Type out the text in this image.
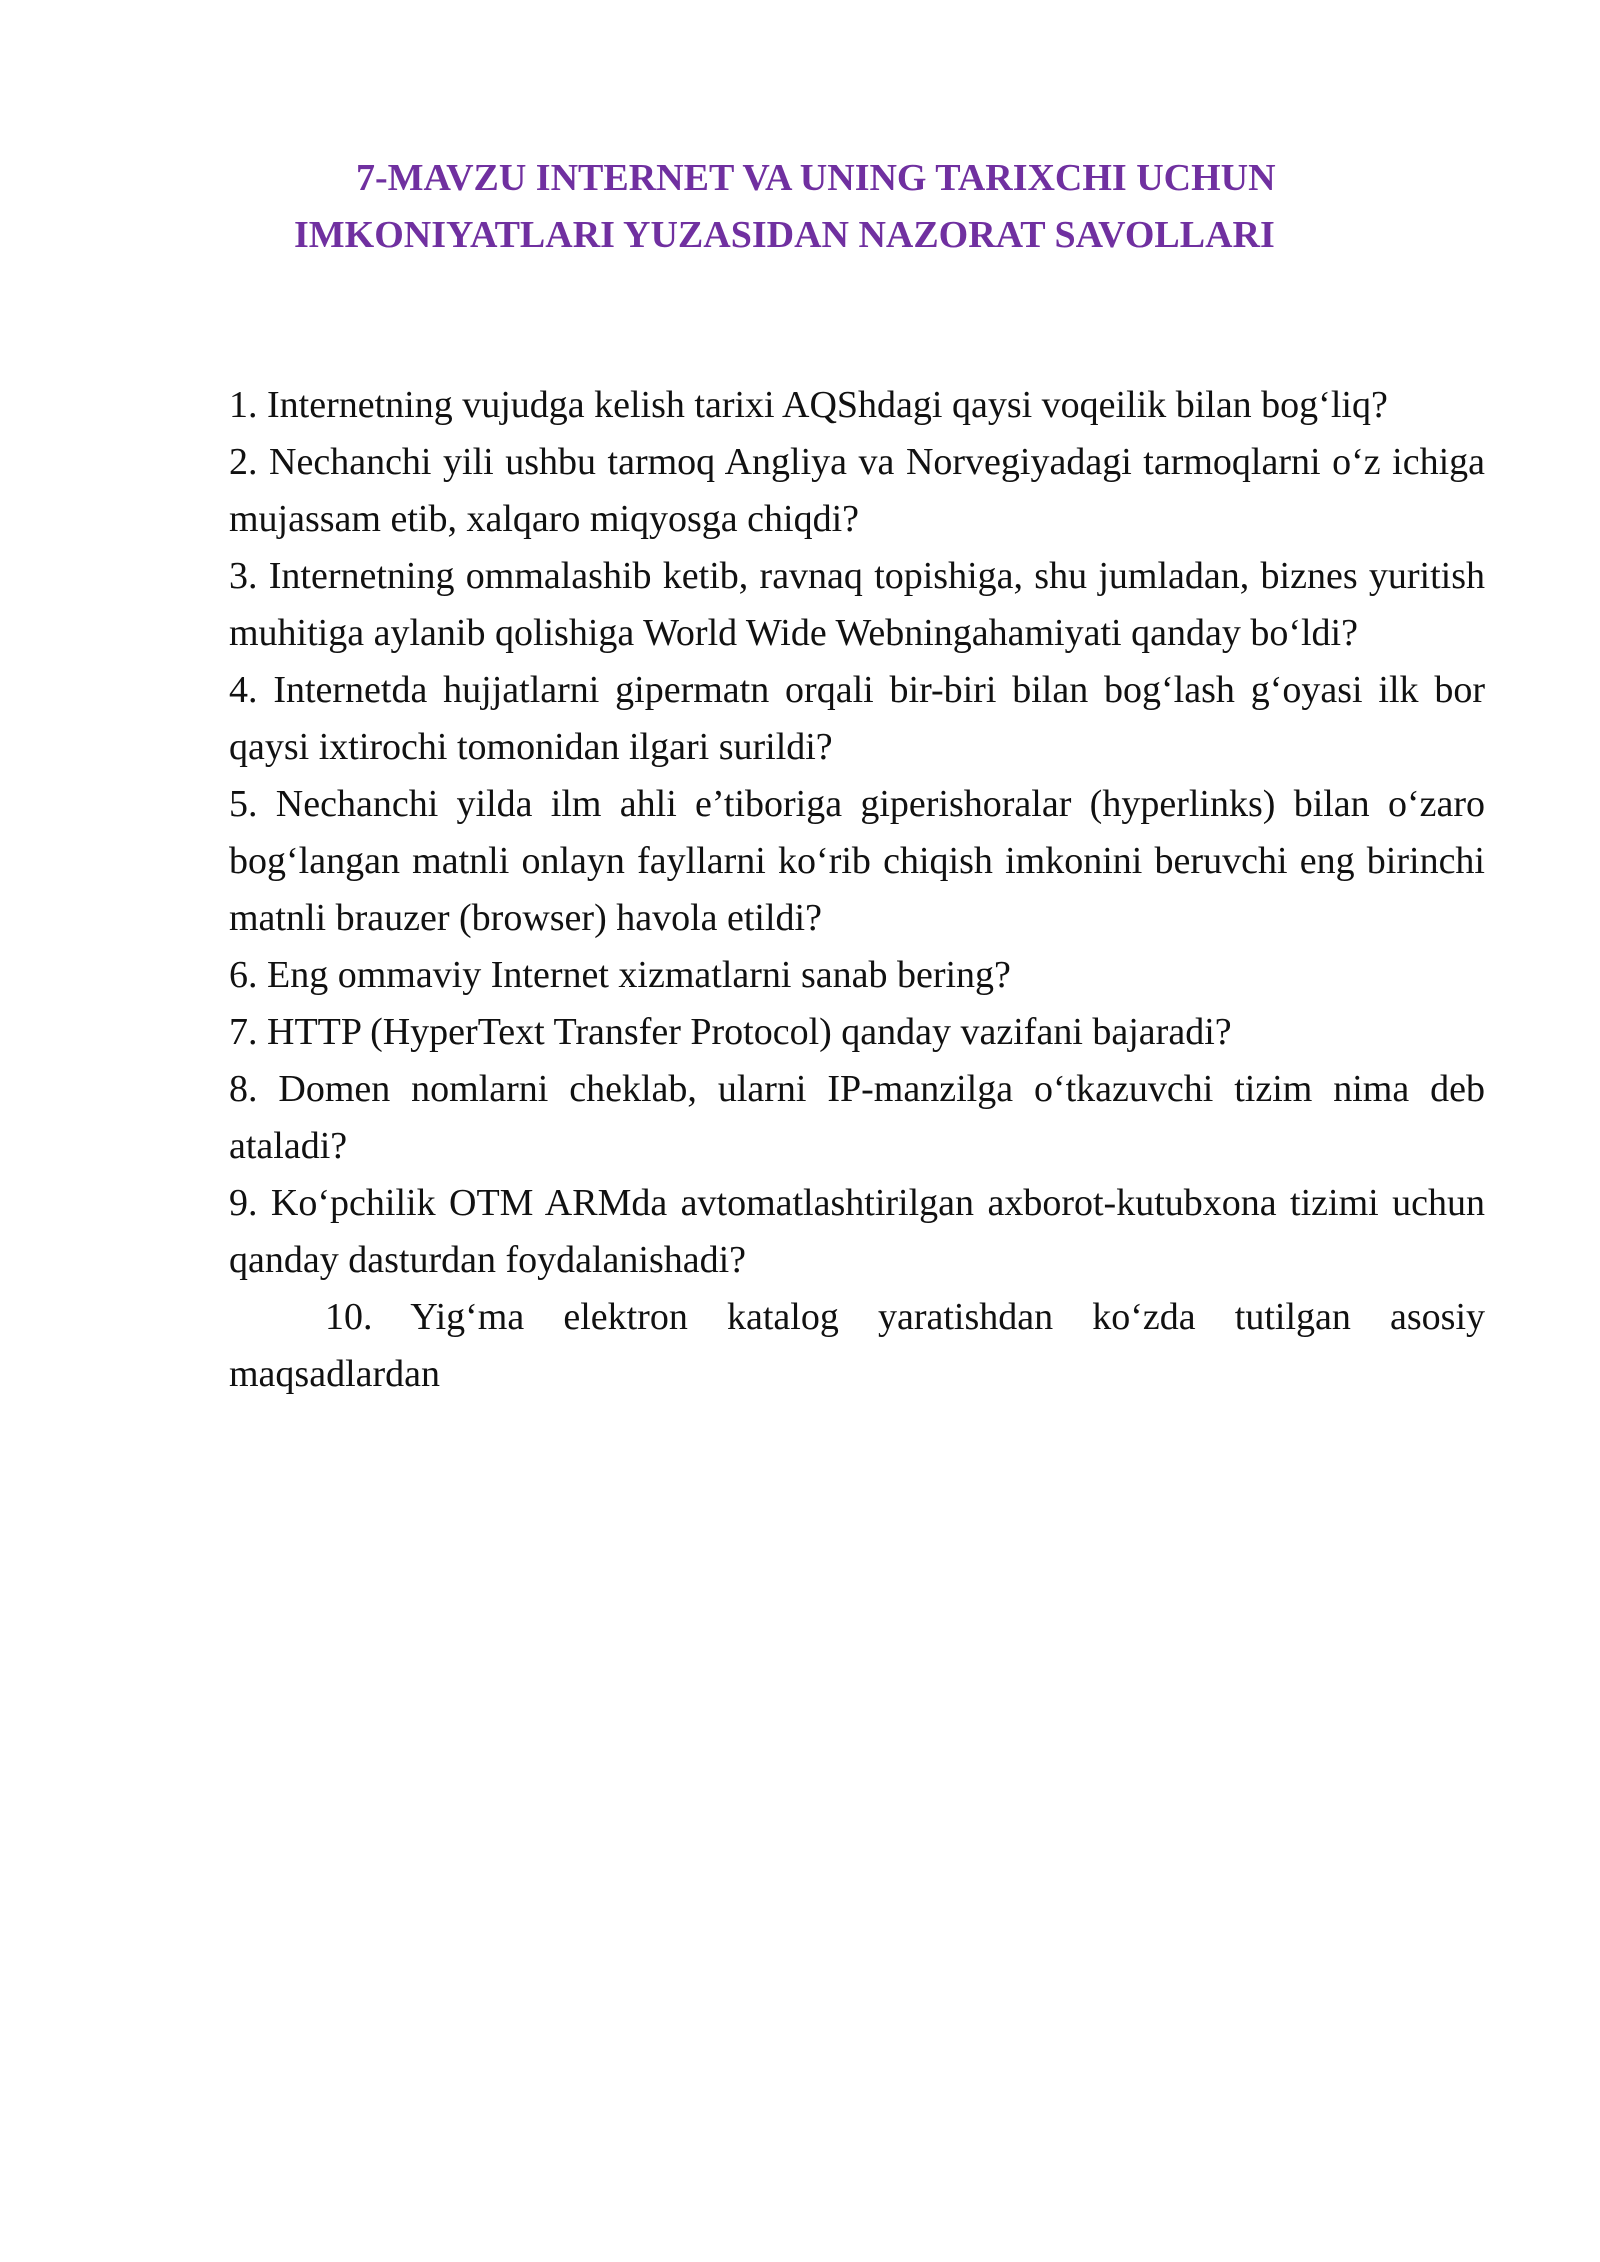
7-MAVZU INTERNET VA UNING TARIXCHI UCHUN
IMKONIYATLARI YUZASIDAN NAZORAT SAVOLLARI
1. Internetning vujudga kelish tarixi AQShdagi qaysi voqeilik bilan bog‘liq?
2. Nechanchi yili ushbu tarmoq Angliya va Norvegiyadagi tarmoqlarni o‘z ichiga mujassam etib, xalqaro miqyosga chiqdi?
3. Internetning ommalashib ketib, ravnaq topishiga, shu jumladan, biznes yuritish muhitiga aylanib qolishiga World Wide Webningahamiyati qanday bo‘ldi?
4. Internetda hujjatlarni gipermatn orqali bir-biri bilan bog‘lash g‘oyasi ilk bor qaysi ixtirochi tomonidan ilgari surildi?
5. Nechanchi yilda ilm ahli e’tiboriga giperishoralar (hyperlinks) bilan o‘zaro bog‘langan matnli onlayn fayllarni ko‘rib chiqish imkonini beruvchi eng birinchi matnli brauzer (browser) havola etildi?
6. Eng ommaviy Internet xizmatlarni sanab bering?
7. HTTP (HyperText Transfer Protocol) qanday vazifani bajaradi?
8. Domen nomlarni cheklab, ularni IP-manzilga o‘tkazuvchi tizim nima deb ataladi?
9. Ko‘pchilik OTM ARMda avtomatlashtirilgan axborot-kutubxona tizimi uchun qanday dasturdan foydalanishadi?
10. Yig‘ma elektron katalog yaratishdan ko‘zda tutilgan asosiy maqsadlardan
